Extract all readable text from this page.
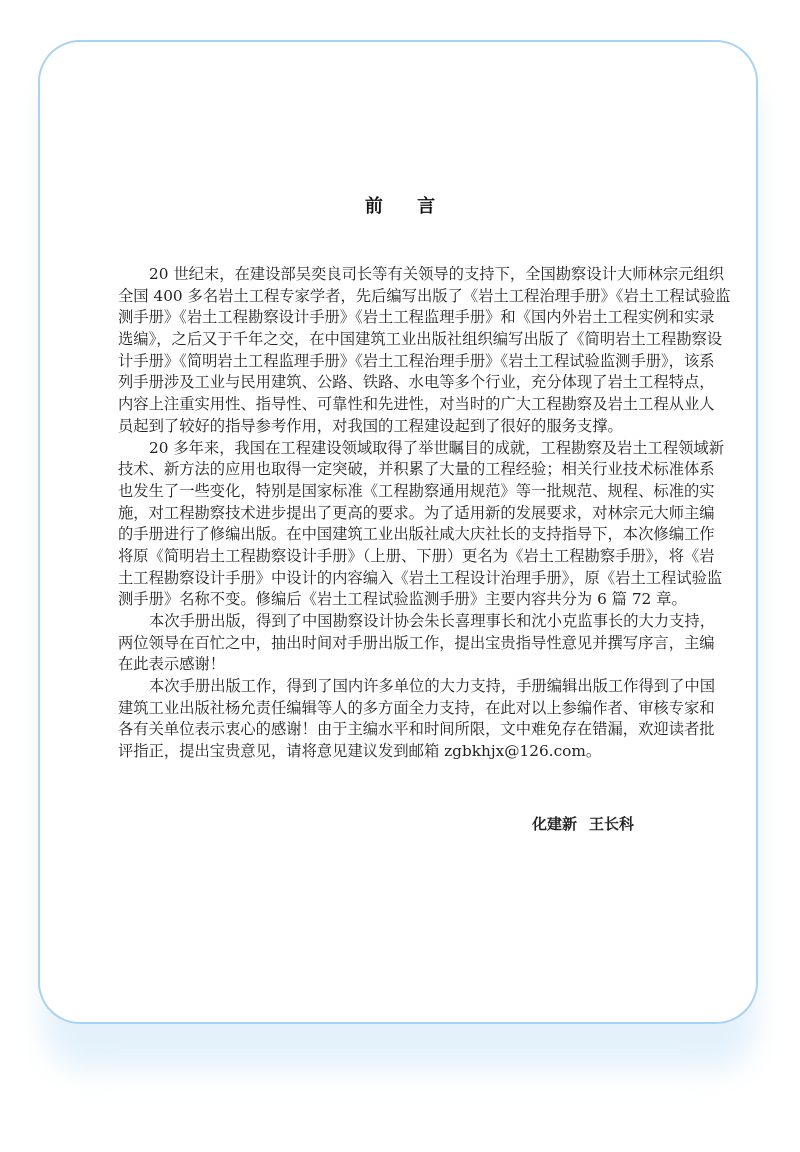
前 言
20 世纪末，在建设部吴奕良司长等有关领导的支持下，全国勘察设计大师林宗元组织
全国 400 多名岩土工程专家学者，先后编写出版了《岩土工程治理手册》《岩土工程试验监
测手册》《岩土工程勘察设计手册》《岩土工程监理手册》和《国内外岩土工程实例和实录
选编》，之后又于千年之交，在中国建筑工业出版社组织编写出版了《简明岩土工程勘察设
计手册》《简明岩土工程监理手册》《岩土工程治理手册》《岩土工程试验监测手册》，该系
列手册涉及工业与民用建筑、公路、铁路、水电等多个行业，充分体现了岩土工程特点，
内容上注重实用性、指导性、可靠性和先进性，对当时的广大工程勘察及岩土工程从业人
员起到了较好的指导参考作用，对我国的工程建设起到了很好的服务支撑。
20 多年来，我国在工程建设领域取得了举世瞩目的成就，工程勘察及岩土工程领域新
技术、新方法的应用也取得一定突破，并积累了大量的工程经验；相关行业技术标准体系
也发生了一些变化，特别是国家标准《工程勘察通用规范》等一批规范、规程、标准的实
施，对工程勘察技术进步提出了更高的要求。为了适用新的发展要求，对林宗元大师主编
的手册进行了修编出版。在中国建筑工业出版社咸大庆社长的支持指导下，本次修编工作
将原《简明岩土工程勘察设计手册》（上册、下册）更名为《岩土工程勘察手册》，将《岩
土工程勘察设计手册》中设计的内容编入《岩土工程设计治理手册》，原《岩土工程试验监
测手册》名称不变。修编后《岩土工程试验监测手册》主要内容共分为 6 篇 72 章。
本次手册出版，得到了中国勘察设计协会朱长喜理事长和沈小克监事长的大力支持，
两位领导在百忙之中，抽出时间对手册出版工作，提出宝贵指导性意见并撰写序言，主编
在此表示感谢！
本次手册出版工作，得到了国内许多单位的大力支持，手册编辑出版工作得到了中国
建筑工业出版社杨允责任编辑等人的多方面全力支持，在此对以上参编作者、审核专家和
各有关单位表示衷心的感谢！由于主编水平和时间所限，文中难免存在错漏，欢迎读者批
评指正，提出宝贵意见，请将意见建议发到邮箱 zgbkhjx@126.com。
化建新 王长科
